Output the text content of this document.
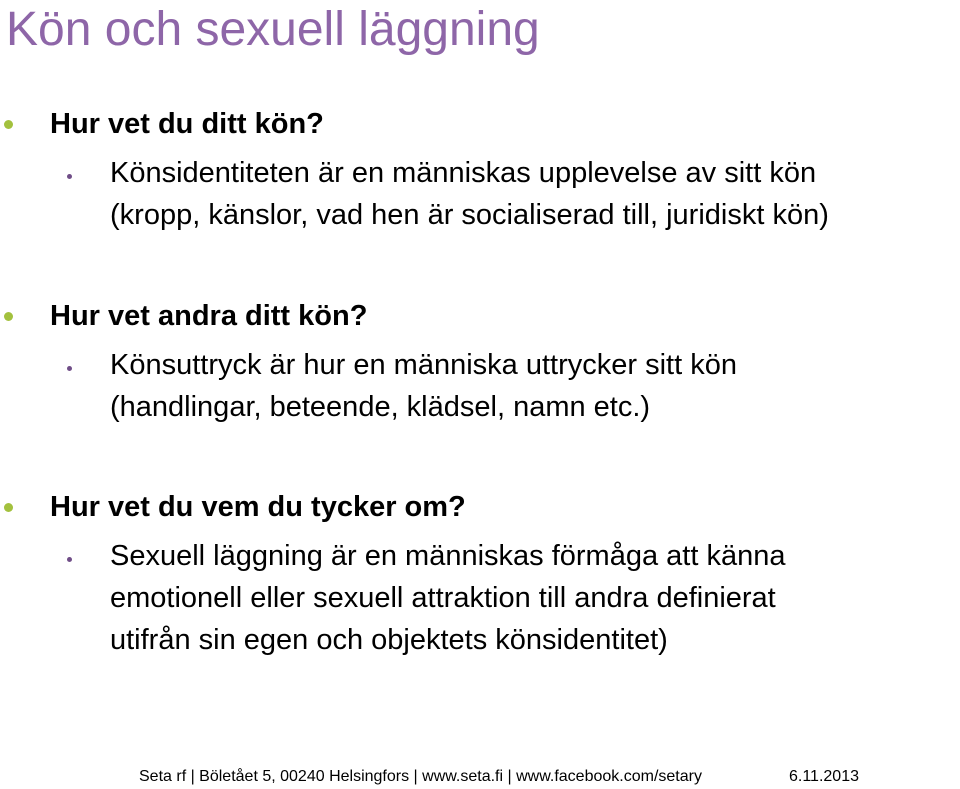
Kön och sexuell läggning
Hur vet du ditt kön?
Könsidentiteten är en människas upplevelse av sitt kön
(kropp, känslor, vad hen är socialiserad till, juridiskt kön)
Hur vet andra ditt kön?
Könsuttryck är hur en människa uttrycker sitt kön
(handlingar, beteende, klädsel, namn etc.)
Hur vet du vem du tycker om?
Sexuell läggning är en människas förmåga att känna
emotionell eller sexuell attraktion till andra definierat
utifrån sin egen och objektets könsidentitet)
Seta rf | Böletået 5, 00240 Helsingfors | www.seta.fi | www.facebook.com/setary	6.11.2013
